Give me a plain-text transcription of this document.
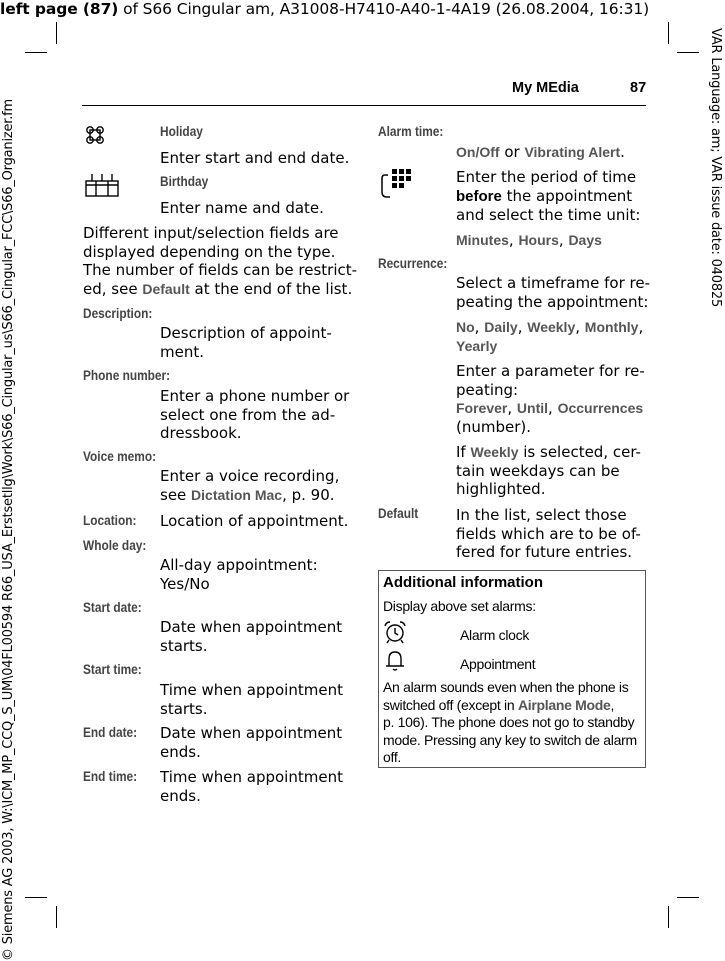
left page (87) of S66 Cingular am, A31008-H7410-A40-1-4A19 (26.08.2004, 16:31)
VAR Language: am; VAR issue date: 040825
© Siemens AG 2003, W:\ICM_MP_CCQ_S_UM\04FL00594 R66_USA_Erstsetllg\Work\S66_Cingular_us\S66_Cingular_FCC\S66_Organizer.fm
My MEdia	87
Holiday
Enter start and end date.
Birthday
Enter name and date.
Different input/selection fields are
displayed depending on the type.
The number of fields can be restrict-
ed, see Default at the end of the list.
Description:
Description of appoint-
ment.
Phone number:
Enter a phone number or
select one from the ad-
dressbook.
Voice memo:
Enter a voice recording,
see Dictation Mac, p. 90.
Location: Location of appointment.
Whole day:
All-day appointment:
Yes/No
Start date:
Date when appointment
starts.
Start time:
Time when appointment
starts.
End date: Date when appointment
ends.
End time: Time when appointment
ends.
Alarm time:
On/Off or Vibrating Alert.
Enter the period of time
before the appointment
and select the time unit:
Minutes, Hours, Days
Recurrence:
Select a timeframe for re-
peating the appointment:
No, Daily, Weekly, Monthly,
Yearly
Enter a parameter for re-
peating:
Forever, Until, Occurrences
(number).
If Weekly is selected, cer-
tain weekdays can be
highlighted.
Default	In the list, select those
fields which are to be of-
fered for future entries.
Additional information
Display above set alarms:
Alarm clock
Appointment
An alarm sounds even when the phone is
switched off (except in Airplane Mode,
p. 106). The phone does not go to standby
mode. Pressing any key to switch de alarm
off.
